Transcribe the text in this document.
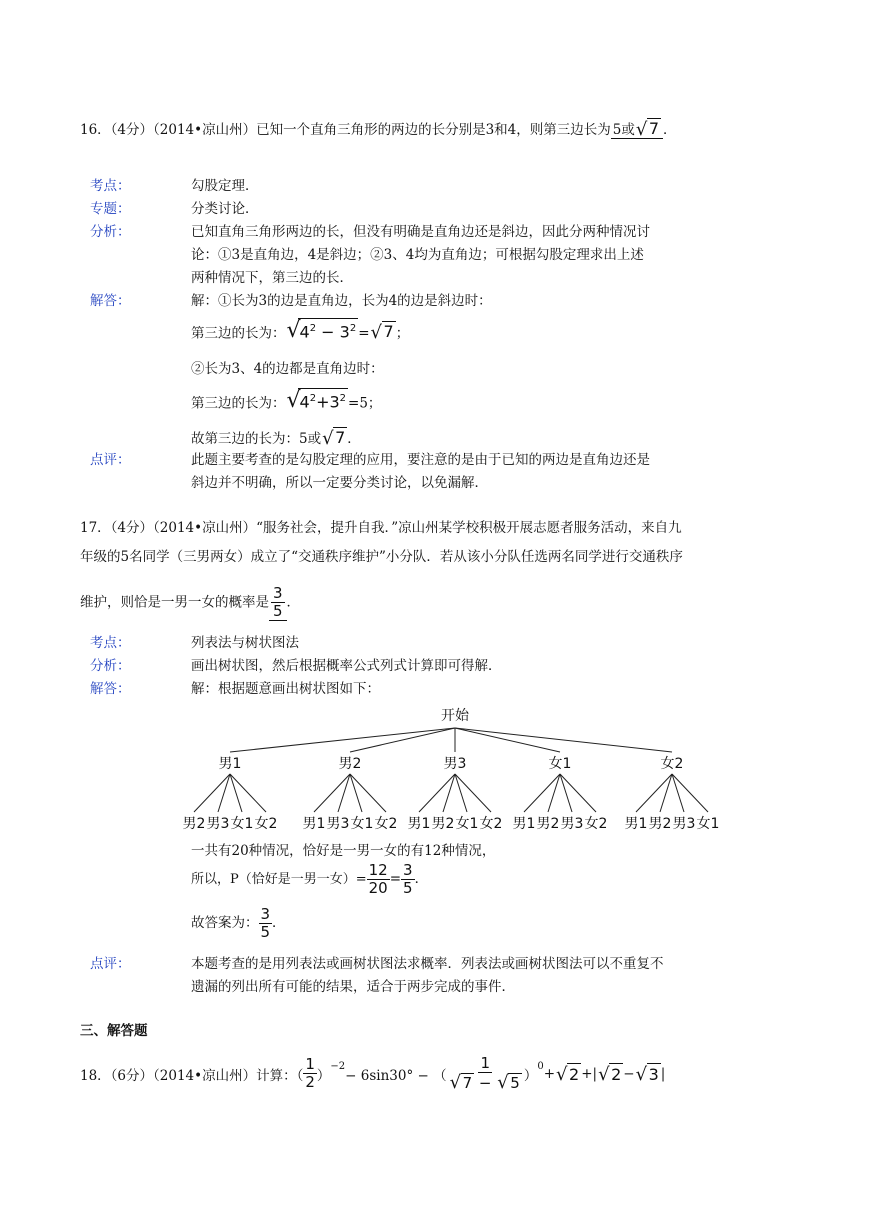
16．（4分）（2014•凉山州）已知一个直角三角形的两边的长分别是3和4，则第三边长为 5或 √ 7 ．
考点：	勾股定理．
专题：	分类讨论．
分析：	已知直角三角形两边的长，但没有明确是直角边还是斜边，因此分两种情况讨
论：①3是直角边，4是斜边；②3、4均为直角边；可根据勾股定理求出上述
两种情况下，第三边的长．
解答：	解：①长为3的边是直角边，长为4的边是斜边时：
第三边的长为： √
$4^2 - 3^2$ = √ 7 ；
②长为3、4的边都是直角边时：
第三边的长为： √
$4^2+3^2 =5$；
故第三边的长为：5或 √ 7 ．
点评：	此题主要考查的是勾股定理的应用，要注意的是由于已知的两边是直角边还是
斜边并不明确，所以一定要分类讨论，以免漏解．
17．（4分）（2014•凉山州）“服务社会，提升自我．”凉山州某学校积极开展志愿者服务活动，来自九
年级的5名同学（三男两女）成立了“交通秩序维护”小分队．若从该小分队任选两名同学进行交通秩序
维护，则恰是一男一女的概率是 $\frac{3}{5}$ ．
考点：	列表法与树状图法
分析：	画出树状图，然后根据概率公式列式计算即可得解．
解答：	解：根据题意画出树状图如下：
开始
男1
男2 男3 女1 女2
男2
男1 男3 女1 女2
男3
男1 男2 女1 女2
女1
男1 男2 男3 女2
女2
男1 男2 男3 女1
一共有20种情况，恰好是一男一女的有12种情况，
所以，P（恰好是一男一女）= $\frac{12}{20} = \frac{3}{5}$ ．
故答案为： $\frac{3}{5}$ ．
点评：	本题考查的是用列表法或画树状图法求概率．列表法或画树状图法可以不重复不
遗漏的列出所有可能的结果，适合于两步完成的事件．
三、解答题
18．（6分）（2014•凉山州）计算：（ $\frac{1}{2}$ ）
$^{-2}$
− 6sin30° − （ $\frac{1}{√ 7 - √ 5}$ ）
$^0$ + √ 2 +| √ 2 − √ 3 |
